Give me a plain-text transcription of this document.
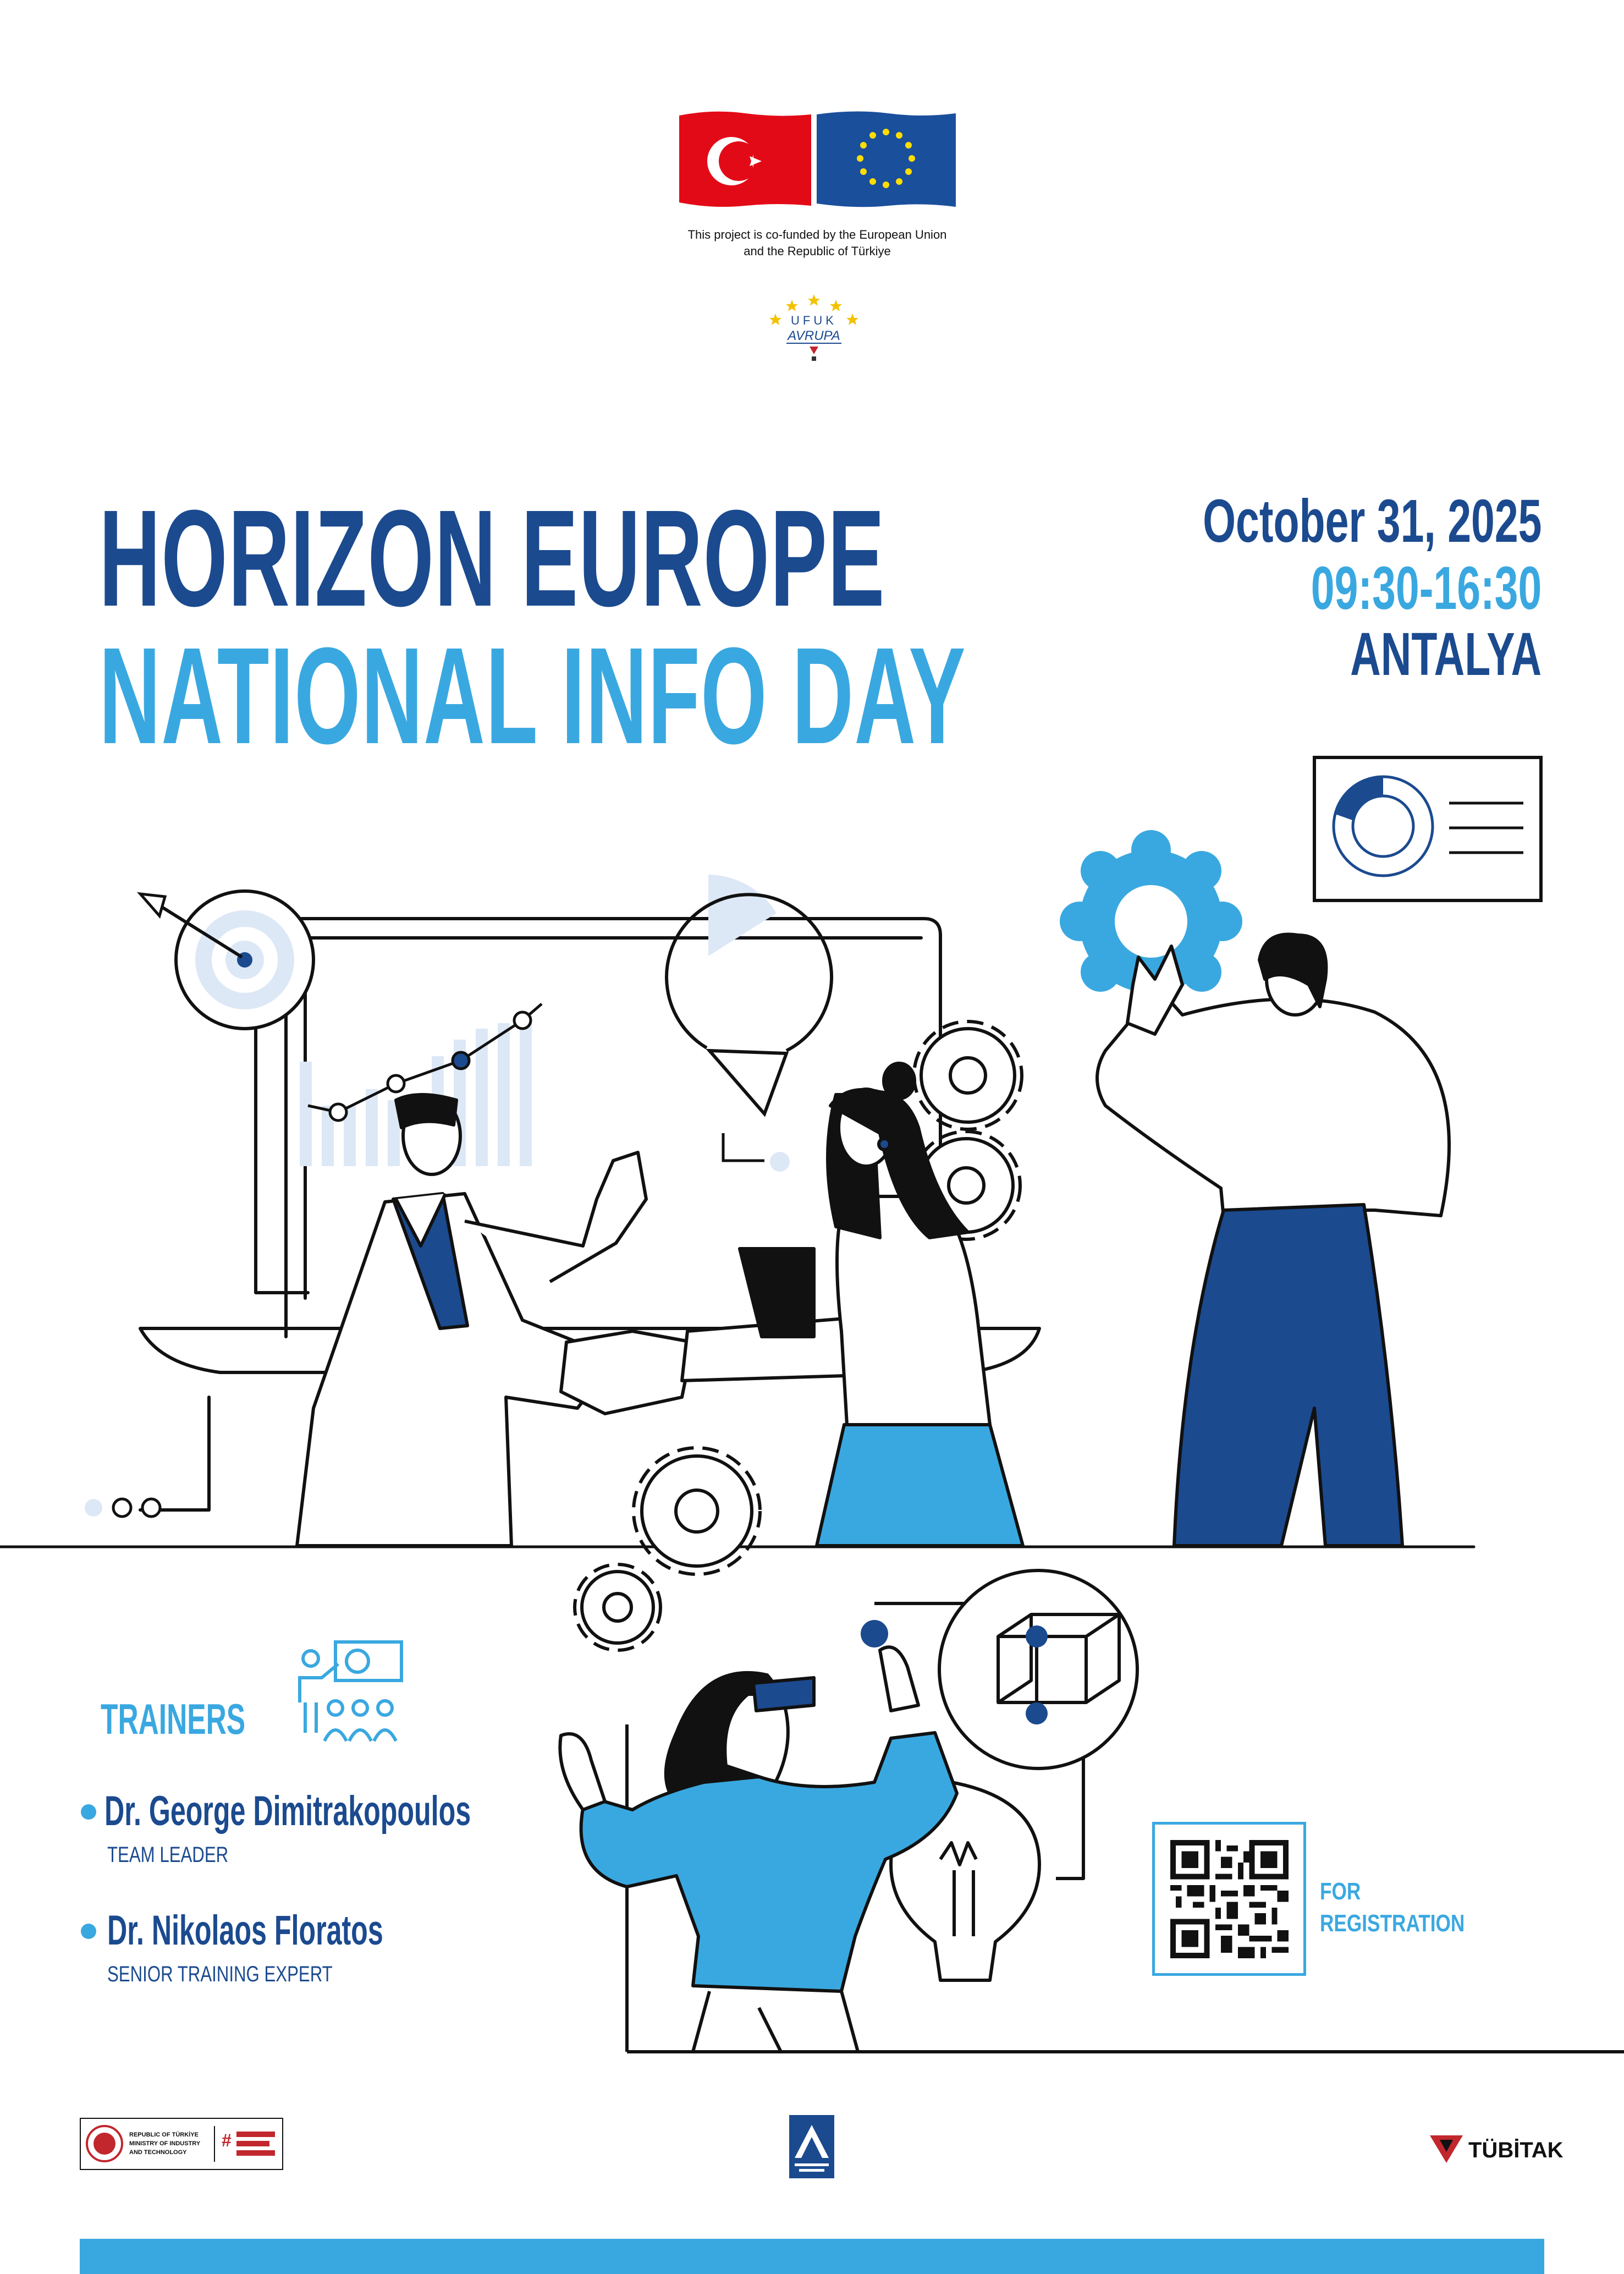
This project is co-funded by the European Union
and the Republic of Türkiye
UFUK
AVRUPA
HORIZON EUROPE
NATIONAL INFO DAY
October 31, 2025
09:30-16:30
ANTALYA
TRAINERS
Dr. George Dimitrakopoulos
TEAM LEADER
Dr. Nikolaos Floratos
SENIOR TRAINING EXPERT
FOR
REGISTRATION
REPUBLIC OF TÜRKİYE
MINISTRY OF INDUSTRY
AND TECHNOLOGY
#	TÜBİTAK
